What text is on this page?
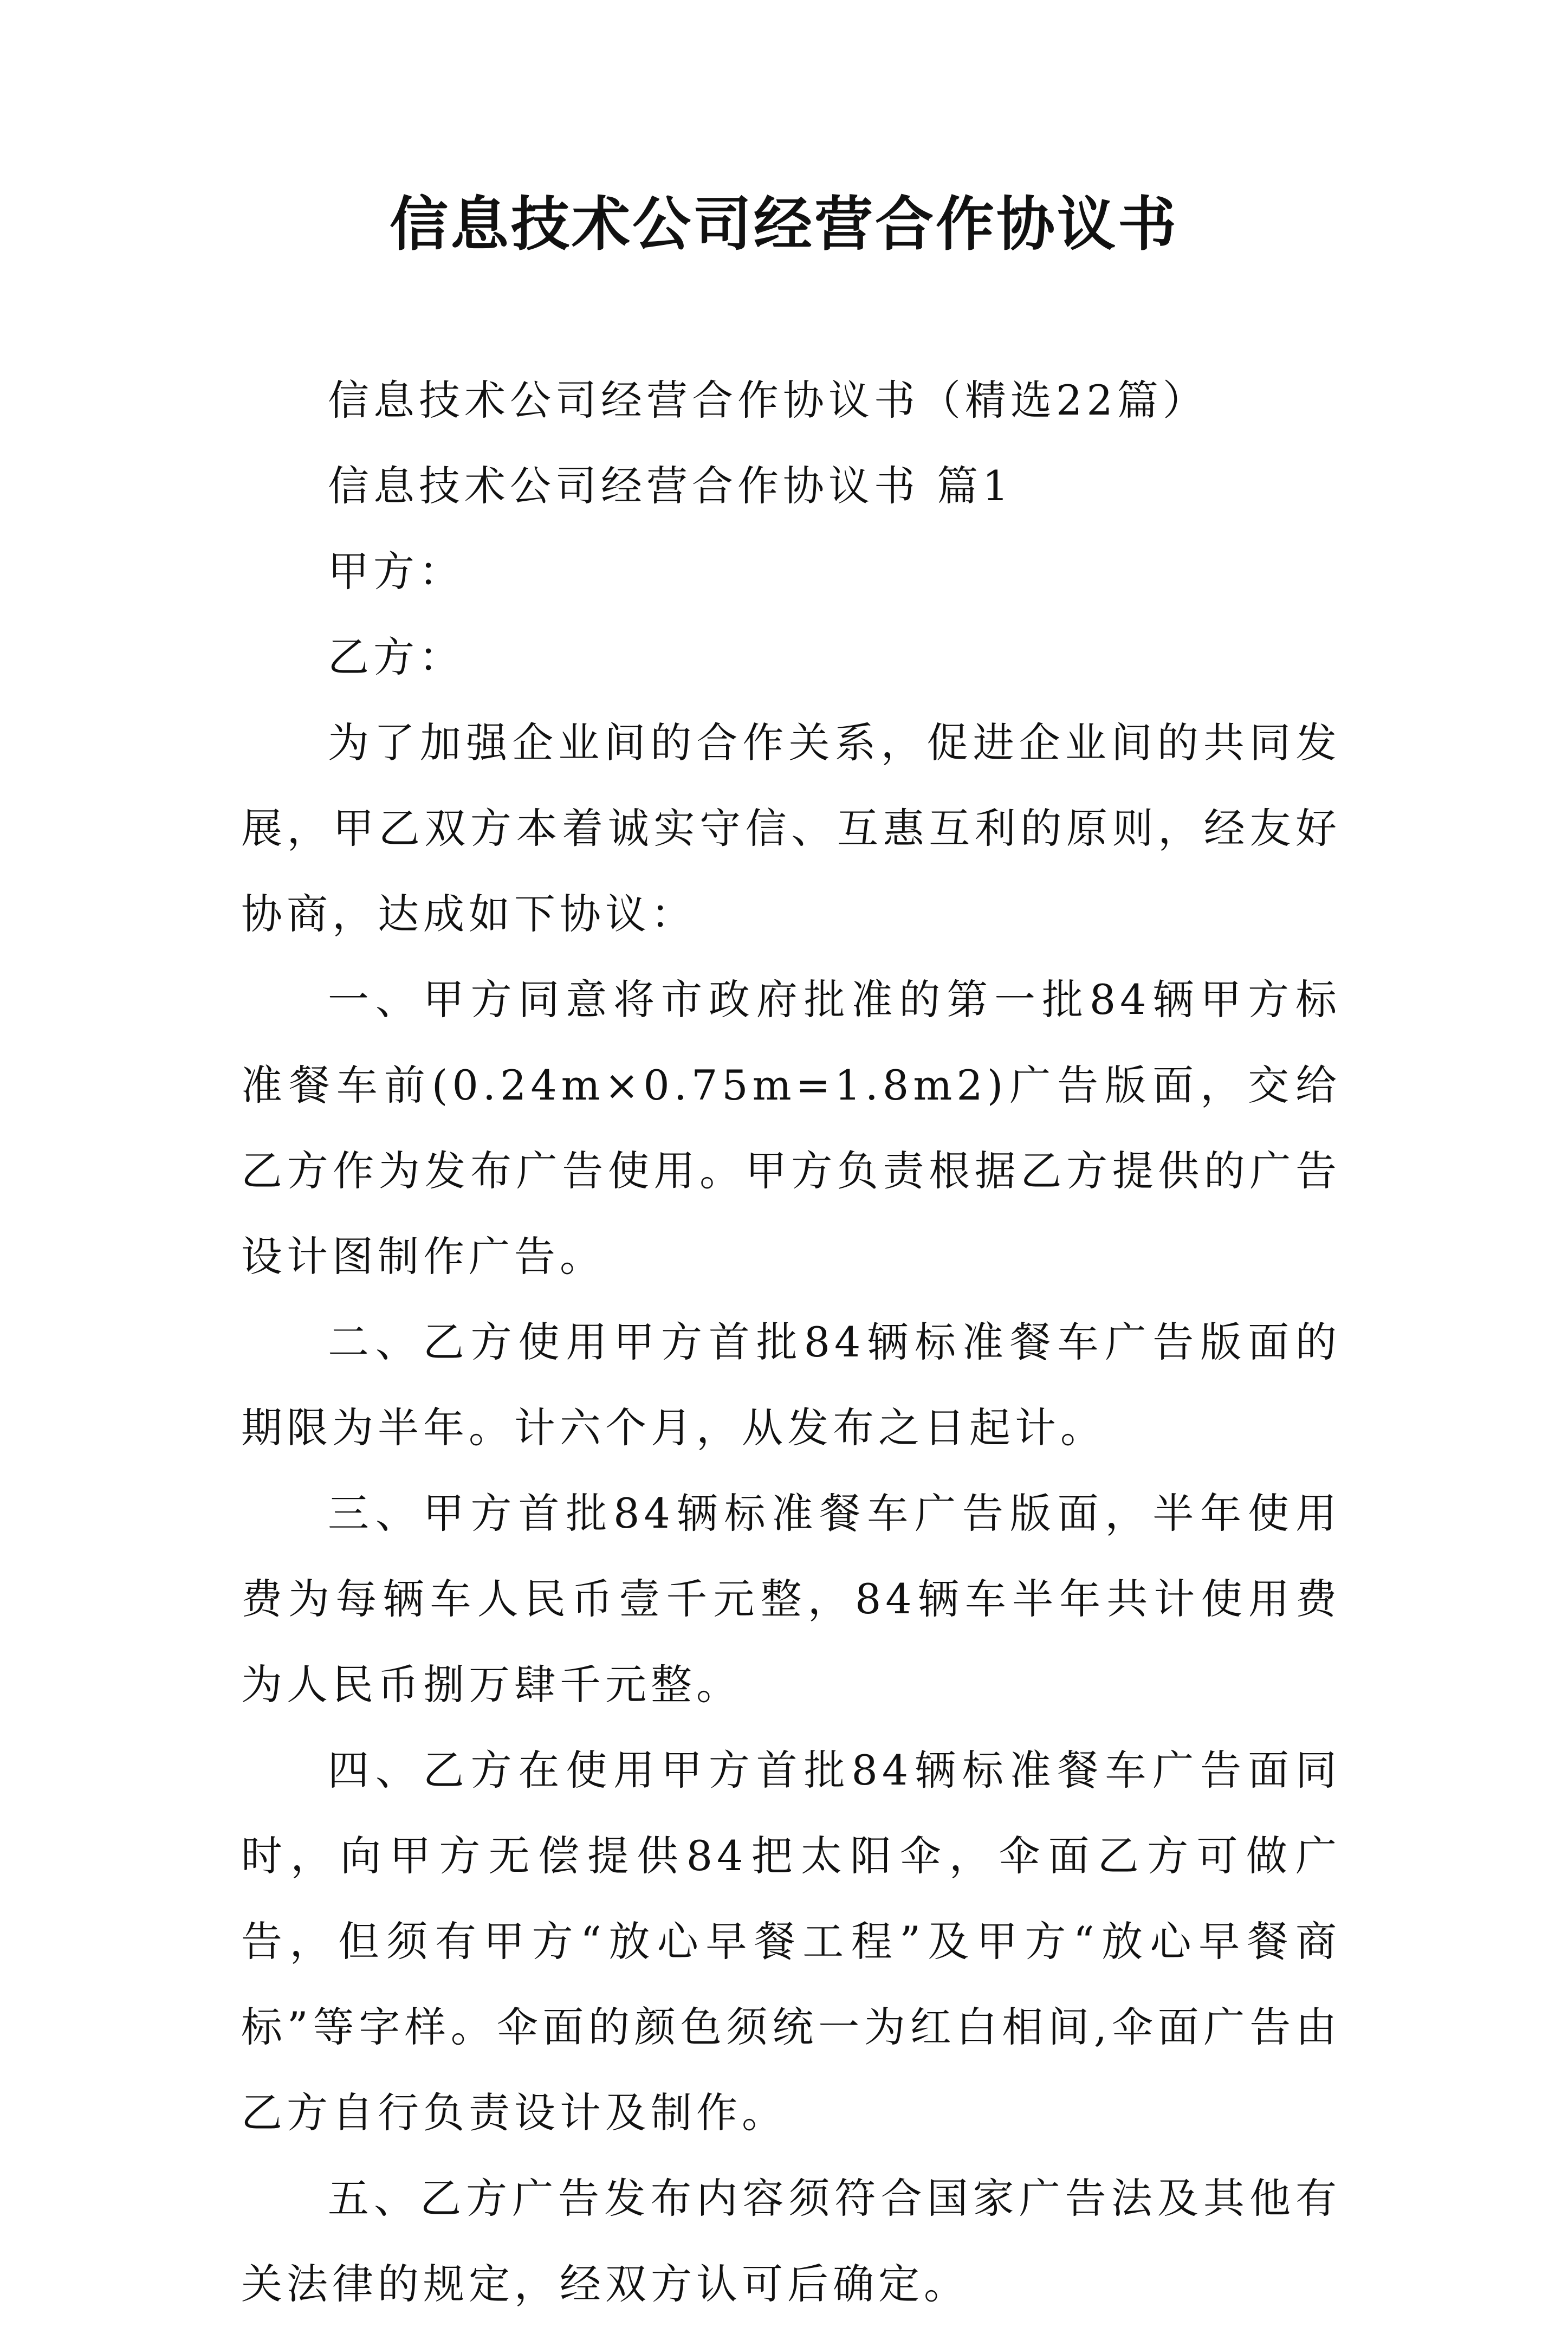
信息技术公司经营合作协议书

信息技术公司经营合作协议书（精选22篇）

信息技术公司经营合作协议书 篇1

甲方：

乙方：

为了加强企业间的合作关系，促进企业间的共同发展，甲乙双方本着诚实守信、互惠互利的原则，经友好协商，达成如下协议：

一、甲方同意将市政府批准的第一批84辆甲方标准餐车前(0.24m×0.75m=1.8m2)广告版面，交给乙方作为发布广告使用。甲方负责根据乙方提供的广告设计图制作广告。

二、乙方使用甲方首批84辆标准餐车广告版面的期限为半年。计六个月，从发布之日起计。

三、甲方首批84辆标准餐车广告版面，半年使用费为每辆车人民币壹千元整，84辆车半年共计使用费为人民币捌万肆千元整。

四、乙方在使用甲方首批84辆标准餐车广告面同时，向甲方无偿提供84把太阳伞，伞面乙方可做广告，但须有甲方“放心早餐工程”及甲方“放心早餐商标”等字样。伞面的颜色须统一为红白相间,伞面广告由乙方自行负责设计及制作。

五、乙方广告发布内容须符合国家广告法及其他有关法律的规定，经双方认可后确定。
